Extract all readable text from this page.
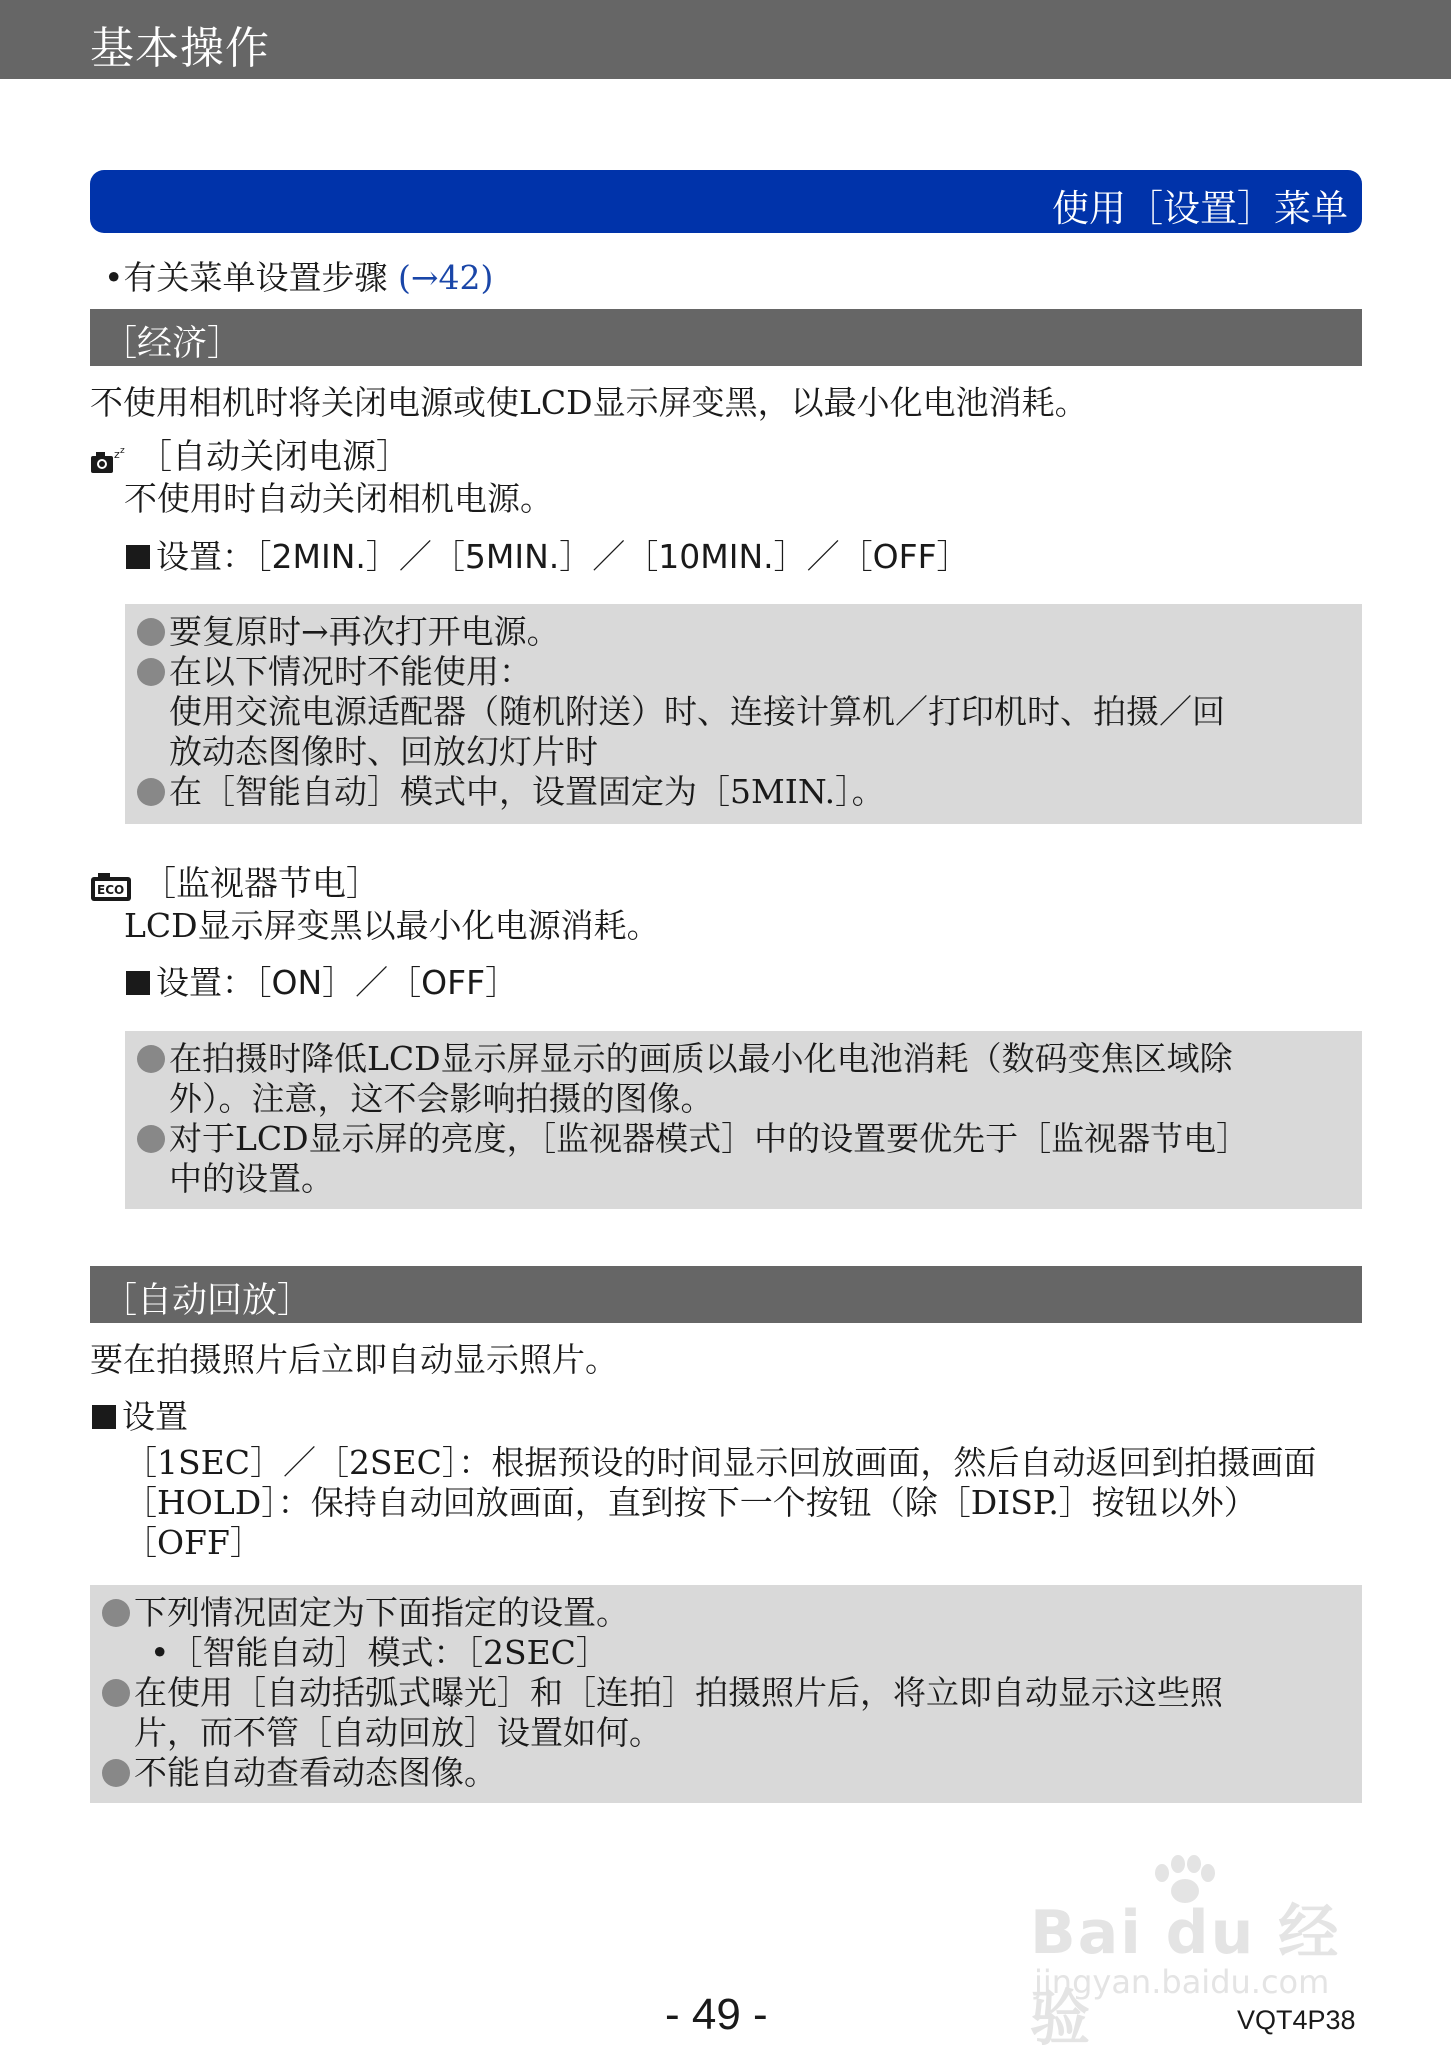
基本操作
使用［设置］菜单
•有关菜单设置步骤 (→42)
［经济］
不使用相机时将关闭电源或使LCD显示屏变黑，以最小化电池消耗。
z z ［自动关闭电源］
不使用时自动关闭相机电源。
设置：［2MIN.］／［5MIN.］／［10MIN.］／［OFF］
要复原时→再次打开电源。
在以下情况时不能使用：
使用交流电源适配器（随机附送）时、连接计算机／打印机时、拍摄／回
放动态图像时、回放幻灯片时
在［智能自动］模式中，设置固定为［5MIN.］。
ECO ［监视器节电］
LCD显示屏变黑以最小化电源消耗。
设置：［ON］／［OFF］
在拍摄时降低LCD显示屏显示的画质以最小化电池消耗（数码变焦区域除
外）。注意，这不会影响拍摄的图像。
对于LCD显示屏的亮度，［监视器模式］中的设置要优先于［监视器节电］
中的设置。
［自动回放］
要在拍摄照片后立即自动显示照片。
设置
［1SEC］／［2SEC］：根据预设的时间显示回放画面，然后自动返回到拍摄画面
［HOLD］：保持自动回放画面，直到按下一个按钮（除［DISP.］按钮以外）
［OFF］
下列情况固定为下面指定的设置。
•［智能自动］模式：［2SEC］
在使用［自动括弧式曝光］和［连拍］拍摄照片后，将立即自动显示这些照
片，而不管［自动回放］设置如何。
不能自动查看动态图像。
Bai du 经验
jingyan.baidu.com
- 49 -	VQT4P38
